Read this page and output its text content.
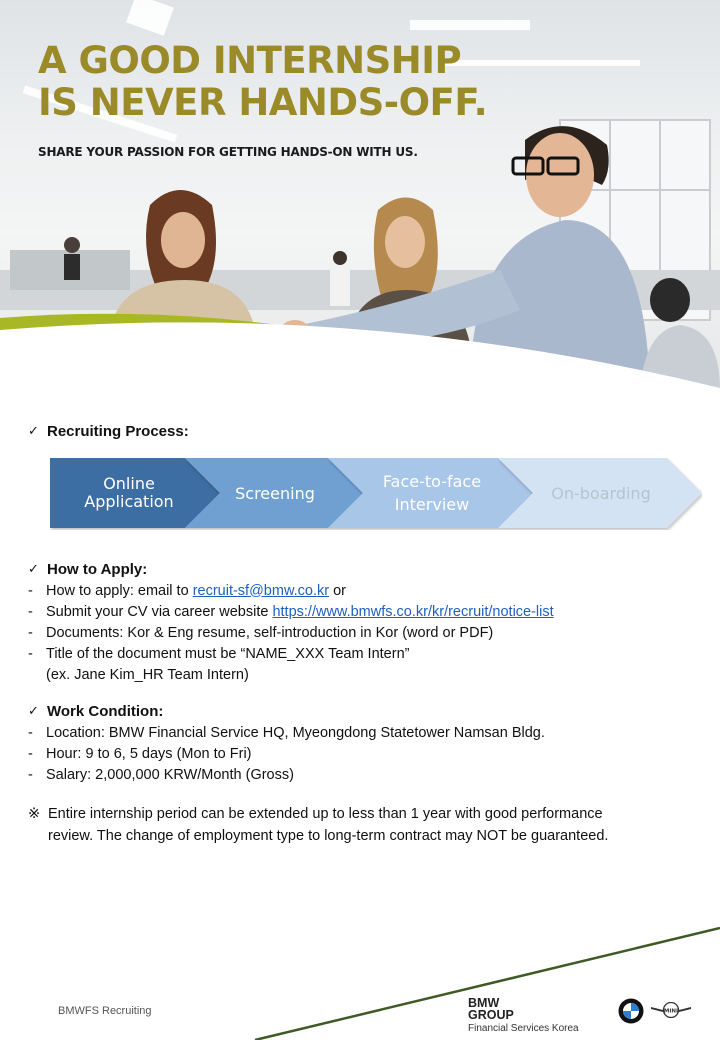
A GOOD INTERNSHIP
IS NEVER HANDS-OFF.
SHARE YOUR PASSION FOR GETTING HANDS-ON WITH US.
✓ Recruiting Process:
Online
Application	Screening
Face-to-face
Interview
On-boarding
✓ How to Apply:
- How to apply: email to recruit-sf@bmw.co.kr or
- Submit your CV via career website https://www.bmwfs.co.kr/kr/recruit/notice-list
- Documents: Kor & Eng resume, self-introduction in Kor (word or PDF)
- Title of the document must be “NAME_XXX Team Intern”
(ex. Jane Kim_HR Team Intern)
✓ Work Condition:
- Location: BMW Financial Service HQ, Myeongdong Statetower Namsan Bldg.
- Hour: 9 to 6, 5 days (Mon to Fri)
- Salary: 2,000,000 KRW/Month (Gross)
※ Entire internship period can be extended up to less than 1 year with good performance
review. The change of employment type to long-term contract may NOT be guaranteed.
BMWFS Recruiting
BMW
GROUP
Financial Services Korea
MINI
